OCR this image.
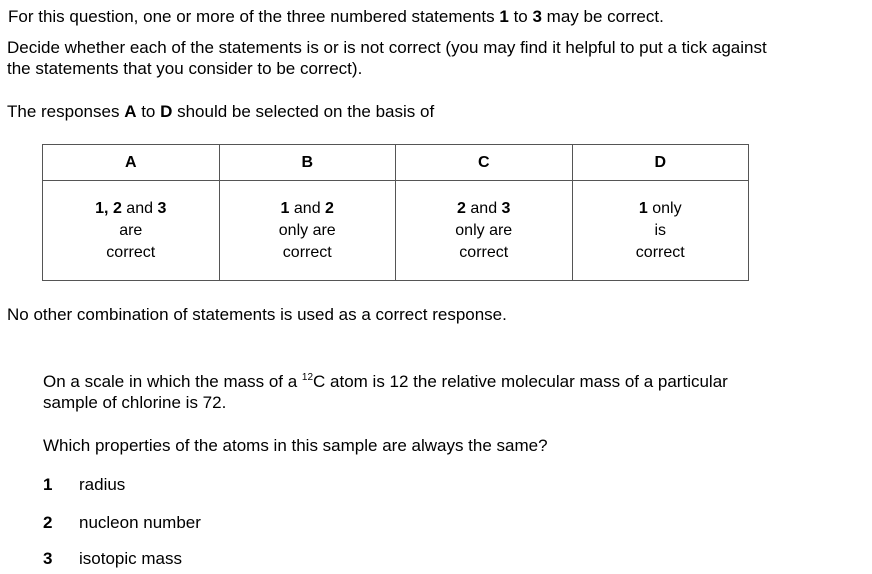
For this question, one or more of the three numbered statements 1 to 3 may be correct.
Decide whether each of the statements is or is not correct (you may find it helpful to put a tick against
the statements that you consider to be correct).
The responses A to D should be selected on the basis of
A	B	C	D

1, 2 and 3
are
correct	1 and 2
only are
correct	2 and 3
only are
correct	1 only
is
correct
No other combination of statements is used as a correct response.
On a scale in which the mass of a $^{12}$C atom is 12 the relative molecular mass of a particular
sample of chlorine is 72.
Which properties of the atoms in this sample are always the same?
1 radius
2 nucleon number
3 isotopic mass
